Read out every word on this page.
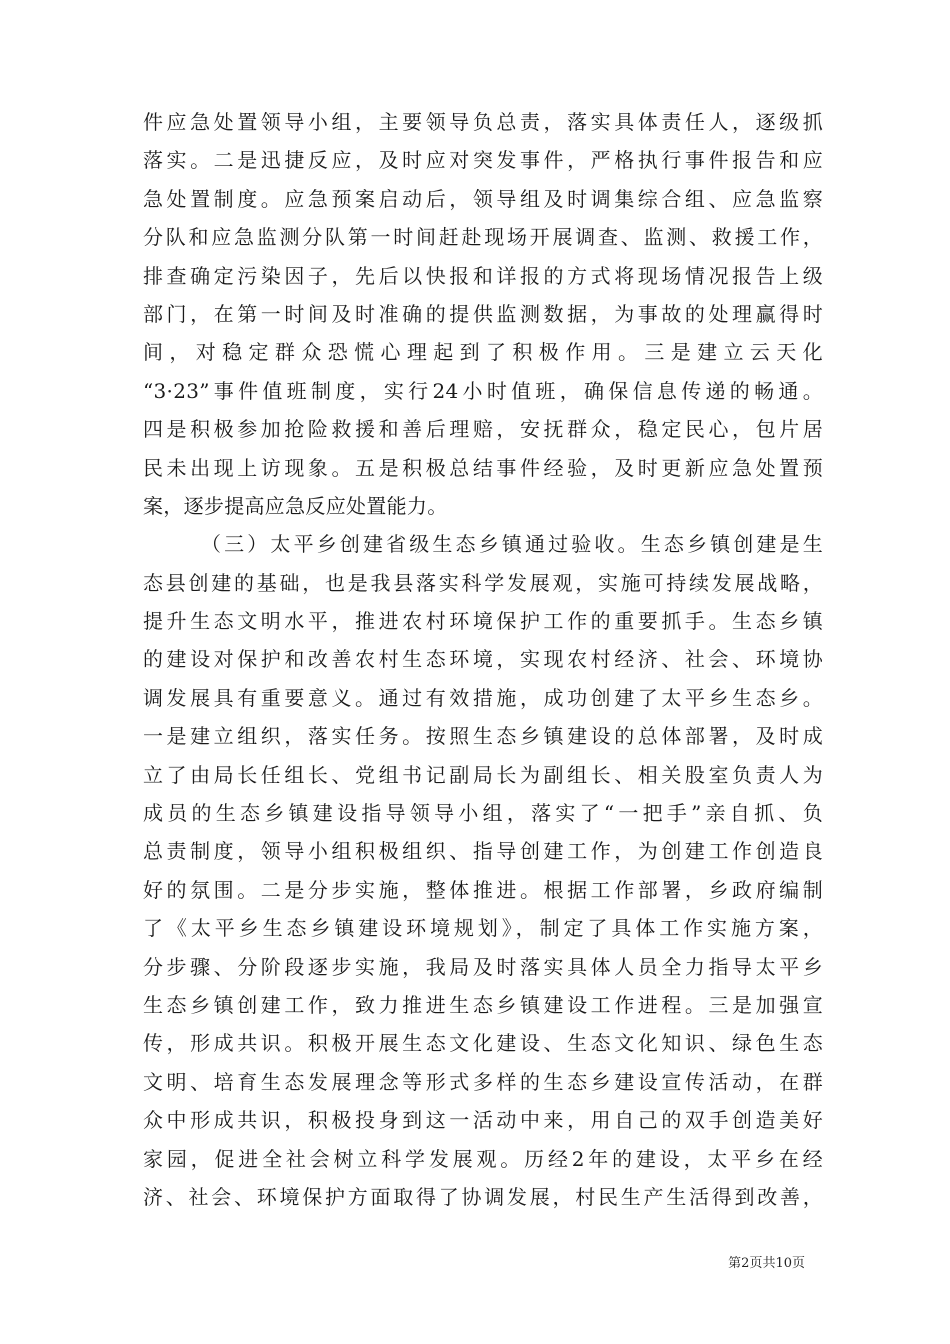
件应急处置领导小组，主要领导负总责，落实具体责任人，逐级抓
落实。二是迅捷反应，及时应对突发事件，严格执行事件报告和应
急处置制度。应急预案启动后，领导组及时调集综合组、应急监察
分队和应急监测分队第一时间赶赴现场开展调查、监测、救援工作，
排查确定污染因子，先后以快报和详报的方式将现场情况报告上级
部门，在第一时间及时准确的提供监测数据，为事故的处理赢得时
间，对稳定群众恐慌心理起到了积极作用。三是建立云天化
“3·23”事件值班制度，实行24小时值班，确保信息传递的畅通。
四是积极参加抢险救援和善后理赔，安抚群众，稳定民心，包片居
民未出现上访现象。五是积极总结事件经验，及时更新应急处置预
案，逐步提高应急反应处置能力。
（三）太平乡创建省级生态乡镇通过验收。生态乡镇创建是生
态县创建的基础，也是我县落实科学发展观，实施可持续发展战略，
提升生态文明水平，推进农村环境保护工作的重要抓手。生态乡镇
的建设对保护和改善农村生态环境，实现农村经济、社会、环境协
调发展具有重要意义。通过有效措施，成功创建了太平乡生态乡。
一是建立组织，落实任务。按照生态乡镇建设的总体部署，及时成
立了由局长任组长、党组书记副局长为副组长、相关股室负责人为
成员的生态乡镇建设指导领导小组，落实了“一把手”亲自抓、负
总责制度，领导小组积极组织、指导创建工作，为创建工作创造良
好的氛围。二是分步实施，整体推进。根据工作部署，乡政府编制
了《太平乡生态乡镇建设环境规划》，制定了具体工作实施方案，
分步骤、分阶段逐步实施，我局及时落实具体人员全力指导太平乡
生态乡镇创建工作，致力推进生态乡镇建设工作进程。三是加强宣
传，形成共识。积极开展生态文化建设、生态文化知识、绿色生态
文明、培育生态发展理念等形式多样的生态乡建设宣传活动，在群
众中形成共识，积极投身到这一活动中来，用自己的双手创造美好
家园，促进全社会树立科学发展观。历经2年的建设，太平乡在经
济、社会、环境保护方面取得了协调发展，村民生产生活得到改善，
第2页共10页
